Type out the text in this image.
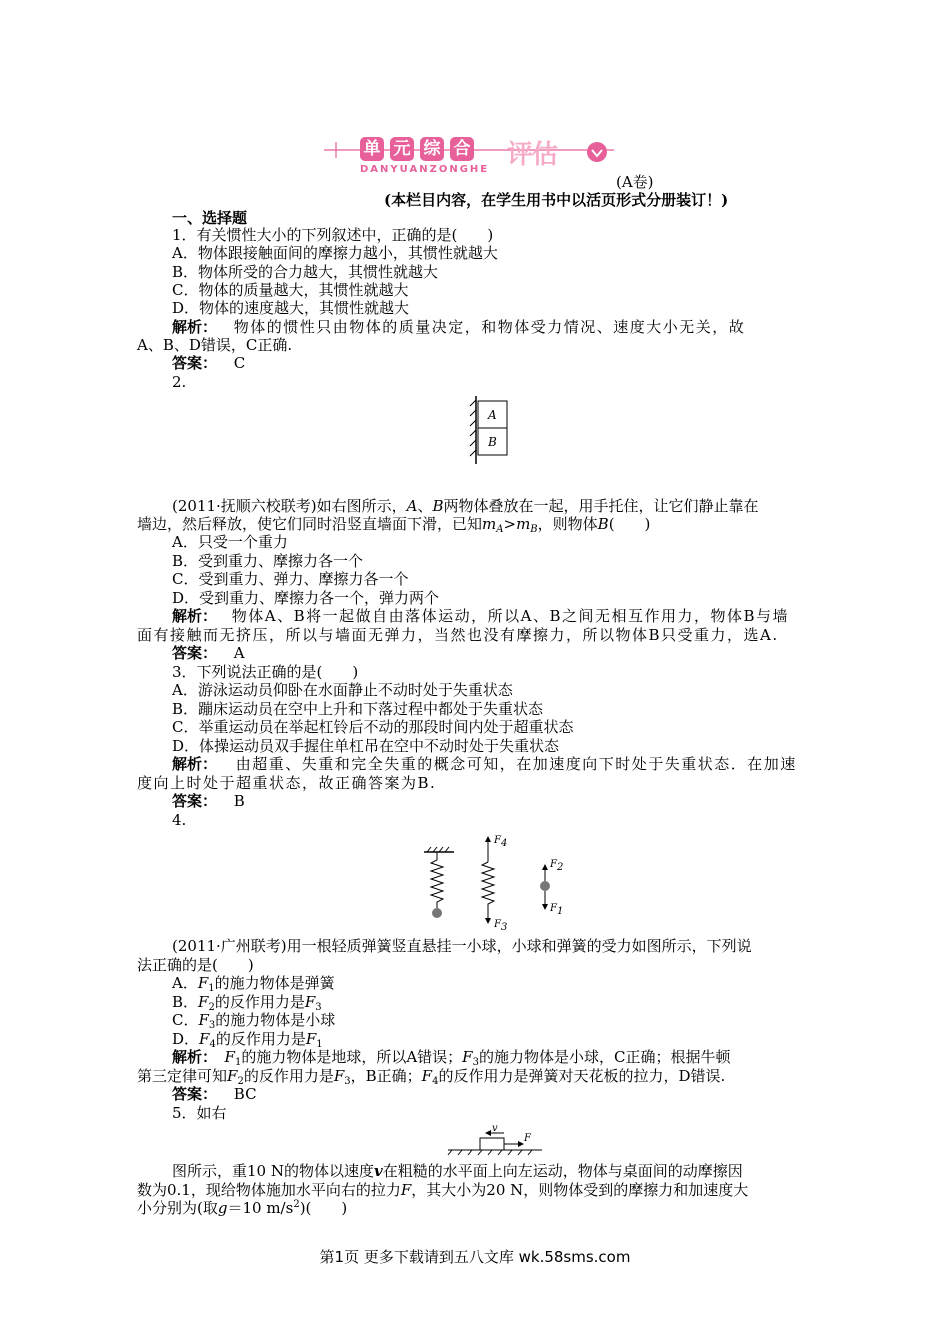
单 元 综 合 评估
DANYUANZONGHE
(A卷)
(本栏目内容，在学生用书中以活页形式分册装订！)
一、选择题
1．有关惯性大小的下列叙述中，正确的是(　　)
A．物体跟接触面间的摩擦力越小，其惯性就越大
B．物体所受的合力越大，其惯性就越大
C．物体的质量越大，其惯性就越大
D．物体的速度越大，其惯性就越大
解析： 物体的惯性只由物体的质量决定，和物体受力情况、速度大小无关，故
A、B、D错误，C正确.
答案： C
2.
A
B
(2011·抚顺六校联考)如右图所示，A、B两物体叠放在一起，用手托住，让它们静止靠在
墙边，然后释放，使它们同时沿竖直墙面下滑，已知$m_A>m_B$，则物体B(　　)
A．只受一个重力
B．受到重力、摩擦力各一个
C．受到重力、弹力、摩擦力各一个
D．受到重力、摩擦力各一个，弹力两个
解析： 物体A、B将一起做自由落体运动，所以A、B之间无相互作用力，物体B与墙
面有接触而无挤压，所以与墙面无弹力，当然也没有摩擦力，所以物体B只受重力，选A.
答案： A
3．下列说法正确的是(　　)
A．游泳运动员仰卧在水面静止不动时处于失重状态
B．蹦床运动员在空中上升和下落过程中都处于失重状态
C．举重运动员在举起杠铃后不动的那段时间内处于超重状态
D．体操运动员双手握住单杠吊在空中不动时处于失重状态
解析： 由超重、失重和完全失重的概念可知，在加速度向下时处于失重状态．在加速
度向上时处于超重状态，故正确答案为B.
答案： B
4.
$F_4$
$F_3$
$F_2$
$F_1$
(2011·广州联考)用一根轻质弹簧竖直悬挂一小球，小球和弹簧的受力如图所示，下列说
法正确的是(　　)
A．$F_1$的施力物体是弹簧
B．$F_2$的反作用力是$F_3$
C．$F_3$的施力物体是小球
D．$F_4$的反作用力是$F_1$
解析：　 $F_1$的施力物体是地球，所以A错误；$F_3$的施力物体是小球，C正确；根据牛顿
第三定律可知$F_2$的反作用力是$F_3$，B正确；$F_4$的反作用力是弹簧对天花板的拉力，D错误.
答案： BC
5．如右
v
F
图所示，重10 N的物体以速度v在粗糙的水平面上向左运动，物体与桌面间的动摩擦因
数为0.1，现给物体施加水平向右的拉力F，其大小为20 N，则物体受到的摩擦力和加速度大
小分别为(取g＝10 $m/s^2$)(　　)
第1页 更多下载请到五八文库 wk.58sms.com
